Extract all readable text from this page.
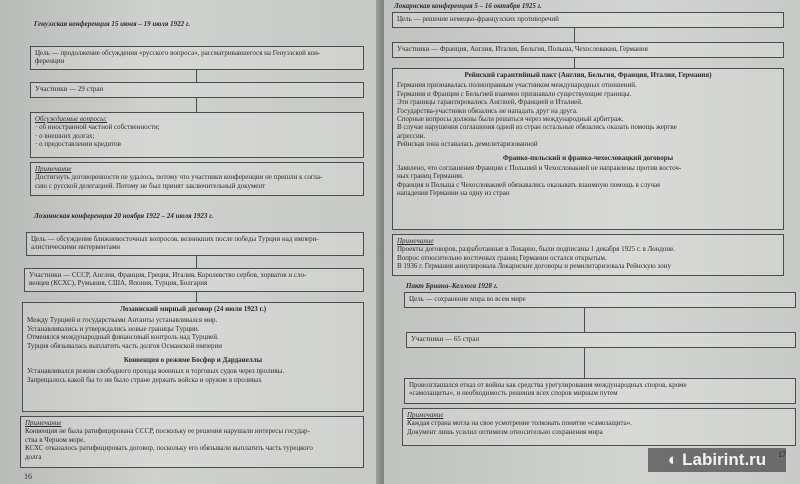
Генуэзская конференция 15 июня – 19 июля 1922 г.
Цель — продолжение обсуждения «русского вопроса», рассматривавшегося на Генуэзской кон-
ференции
Участники — 29 стран
Обсуждаемые вопросы:
· об иностранной частной собственности;
· о внешних долгах;
· о предоставлении кредитов
Примечание
Достигнуть договоренности не удалось, потому что участники конференции не пришли к согла-
сию с русской делегацией. Потому не был принят заключительный документ
Лозаннская конференция 20 ноября 1922 – 24 июля 1923 г.
Цель — обсуждение ближневосточных вопросов, возникших после победы Турции над импери-
алистическими интервентами
Участники — СССР, Англия, Франция, Греция, Италия, Королевство сербов, хорватов и сло-
венцев (КСХС), Румыния, США, Япония, Турция, Болгария
Лозаннский мирный договор (24 июля 1923 г.)
Между Турцией и государствами Антанты устанавливался мир.
Устанавливались и утверждались новые границы Турции.
Отменялся международный финансовый контроль над Турцией.
Турция обязывалась выплатить часть долгов Османской империи
Конвенция о режиме Босфор и Дарданеллы
Устанавливался режим свободного прохода военных и торговых судов через проливы.
Запрещалось какой бы то ни было стране держать войска и оружие в проливах
Примечание
Конвенция не была ратифицирована СССР, поскольку ее решения нарушали интересы государ-
ства в Черном море.
КСХС отказалось ратифицировать договор, поскольку его обязывали выплатить часть турецкого
долга
16
Локарнская конференция 5 – 16 октября 1925 г.
Цель — решение немецко-французских противоречий
Участники — Франция, Англия, Италия, Бельгия, Польша, Чехословакия, Германия
Рейнский гарантийный пакт (Англия, Бельгия, Франция, Италия, Германия)
Германия признавалась полноправным участником международных отношений.
Германия и Франция с Бельгией взаимно признавали существующие границы.
Эти границы гарантировались Англией, Францией и Италией.
Государства-участники обязались не нападать друг на друга.
Спорные вопросы должны были решаться через международный арбитраж.
В случае нарушения соглашения одной из стран остальные обязались оказать помощь жертве
агрессии.
Рейнская зона оставалась демилитаризованной
Франко-польский и франко-чехословацкий договоры
Заявлено, что соглашения Франции с Польшей и Чехословакией не направлены против восточ-
ных границ Германии.
Франция и Польша с Чехословакией обязывались оказывать взаимную помощь в случае
нападения Германии на одну из стран
Примечание
Проекты договоров, разработанные в Локарно, были подписаны 1 декабря 1925 г. в Лондоне.
Вопрос относительно восточных границ Германии остался открытым.
В 1936 г. Германия аннулировала Локарнские договоры и ремилитаризовала Рейнскую зону
Пакт Бриана–Келлога 1928 г.
Цель — сохранение мира во всем мире
Участники — 65 стран
Провозглашался отказ от войны как средства урегулирования международных споров, кроме
«самозащиты», и необходимость решения всех споров мирным путем
Примечание
Каждая страна могла на свое усмотрение толковать понятие «самозащита».
Документ лишь усилил оптимизм относительно сохранения мира
◐ Labirint.ru
